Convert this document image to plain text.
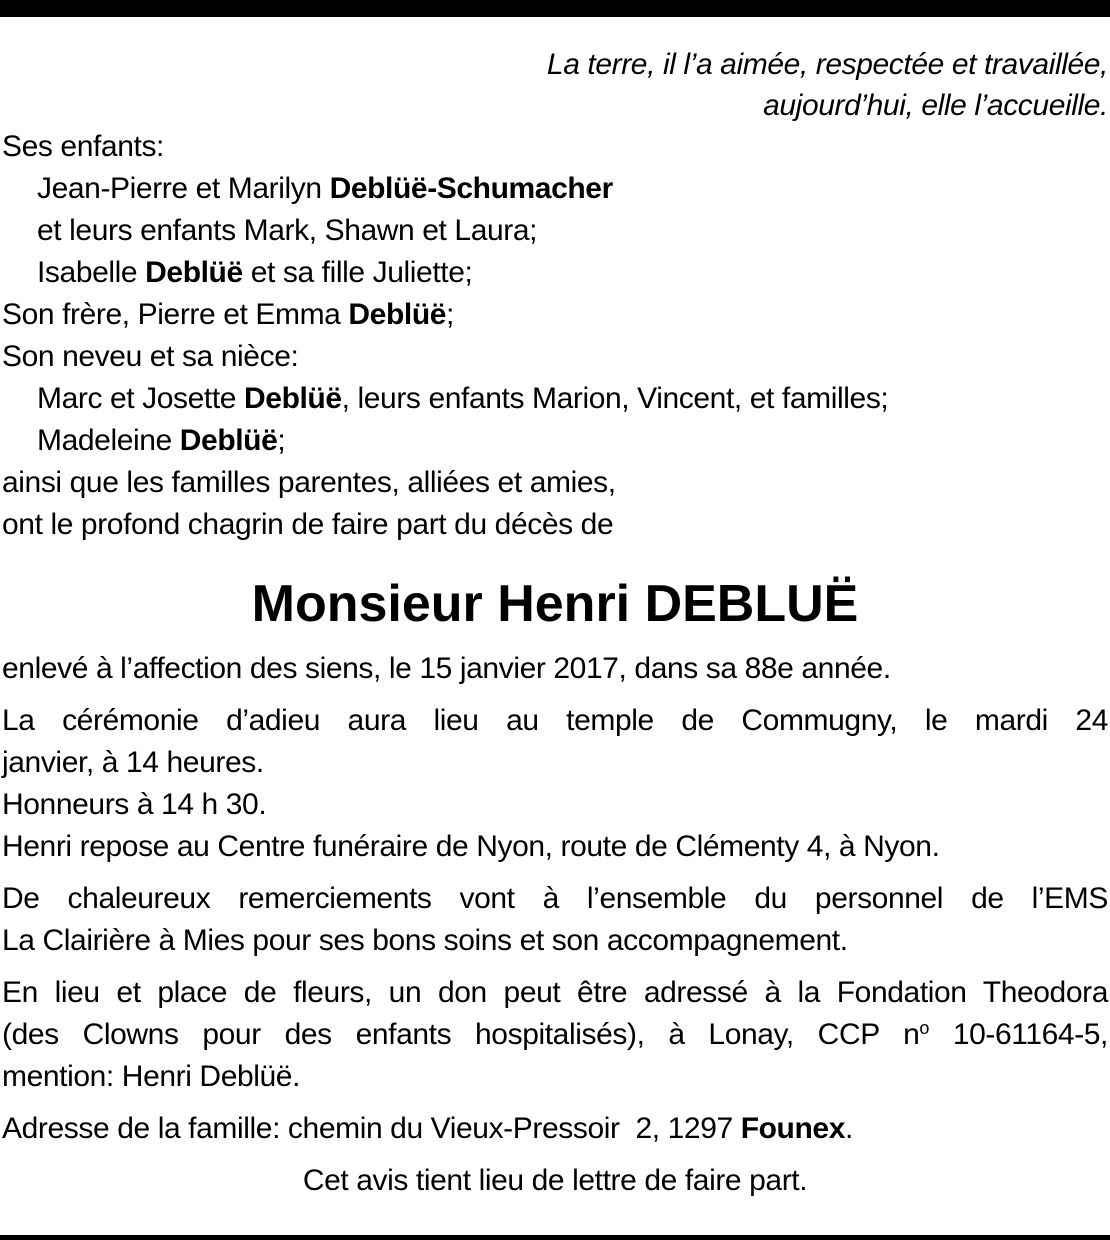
La terre, il l’a aimée, respectée et travaillée,
aujourd’hui, elle l’accueille.
Ses enfants:
Jean-Pierre et Marilyn Deblüë-Schumacher
et leurs enfants Mark, Shawn et Laura;
Isabelle Deblüë et sa fille Juliette;
Son frère, Pierre et Emma Deblüë;
Son neveu et sa nièce:
Marc et Josette Deblüë, leurs enfants Marion, Vincent, et familles;
Madeleine Deblüë;
ainsi que les familles parentes, alliées et amies,
ont le profond chagrin de faire part du décès de
Monsieur Henri DEBLUË
enlevé à l’affection des siens, le 15 janvier 2017, dans sa 88e année.
La cérémonie d’adieu aura lieu au temple de Commugny, le mardi 24
janvier, à 14 heures.
Honneurs à 14 h 30.
Henri repose au Centre funéraire de Nyon, route de Clémenty 4, à Nyon.
De chaleureux remerciements vont à l’ensemble du personnel de l’EMS
La Clairière à Mies pour ses bons soins et son accompagnement.
En lieu et place de fleurs, un don peut être adressé à la Fondation Theodora
(des Clowns pour des enfants hospitalisés), à Lonay, CCP $n^o$ 10-61164-5,
mention: Henri Deblüë.
Adresse de la famille: chemin du Vieux-Pressoir  2, 1297 Founex.
Cet avis tient lieu de lettre de faire part.
